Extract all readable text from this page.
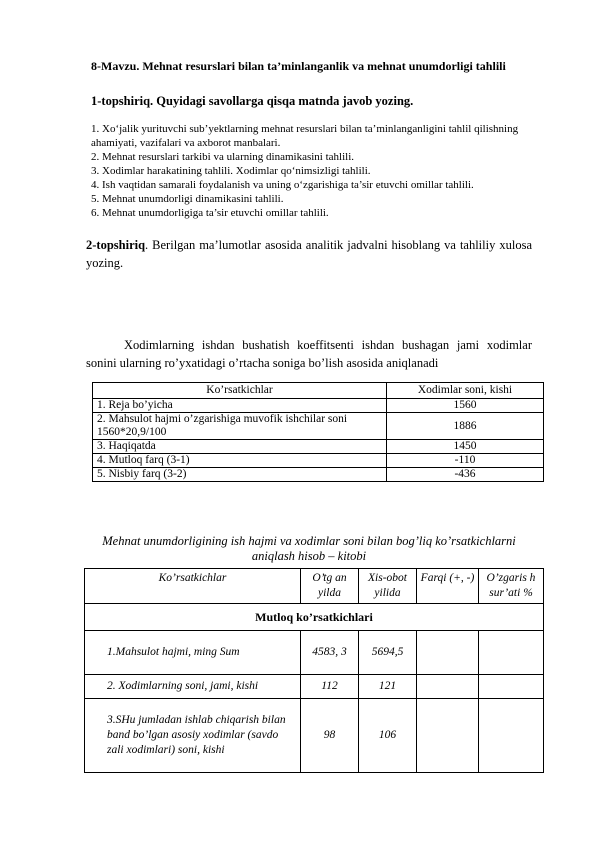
8-Mavzu. Mehnat resurslari bilan ta’minlanganlik va mehnat unumdorligi tahlili
1-topshiriq. Quyidagi savollarga qisqa matnda javob yozing.
1. Xo‘jalik yurituvchi sub’yektlarning mehnat resurslari bilan ta’minlanganligini tahlil qilishning ahamiyati, vazifalari va axborot manbalari.
2. Mehnat resurslari tarkibi va ularning dinamikasini tahlili.
3. Xodimlar harakatining tahlili. Xodimlar qo‘nimsizligi tahlili.
4. Ish vaqtidan samarali foydalanish va uning o‘zgarishiga ta’sir etuvchi omillar tahlili.
5. Mehnat unumdorligi dinamikasini tahlili.
6. Mehnat unumdorligiga ta’sir etuvchi omillar tahlili.
2-topshiriq. Berilgan ma’lumotlar asosida analitik jadvalni hisoblang va tahliliy xulosa yozing.
Xodimlarning ishdan bushatish koeffitsenti ishdan bushagan jami xodimlar sonini ularning ro’yxatidagi o’rtacha soniga bo’lish asosida aniqlanadi
Ko’rsatkichlar	Xodimlar soni, kishi
1. Reja bo’yicha	1560
2. Mahsulot hajmi o’zgarishiga muvofik ishchilar soni 1560*20,9/100	1886
3. Haqiqatda	1450
4. Mutloq farq (3-1)	-110
5. Nisbiy farq (3-2)	-436
Mehnat unumdorligining ish hajmi va xodimlar soni bilan bog’liq ko’rsatkichlarni aniqlash hisob – kitobi
Ko’rsatkichlar	O’tg an yilda	Xis-obot yilida	Farqi (+, -)	O’zgaris h sur’ati %
Mutloq ko’rsatkichlari				
1.Mahsulot hajmi, ming Sum	4583, 3	5694,5		
2. Xodimlarning soni, jami, kishi	112	121		
3.SHu jumladan ishlab chiqarish bilan band bo’lgan asosiy xodimlar (savdo zali xodimlari) soni, kishi	98	106		
